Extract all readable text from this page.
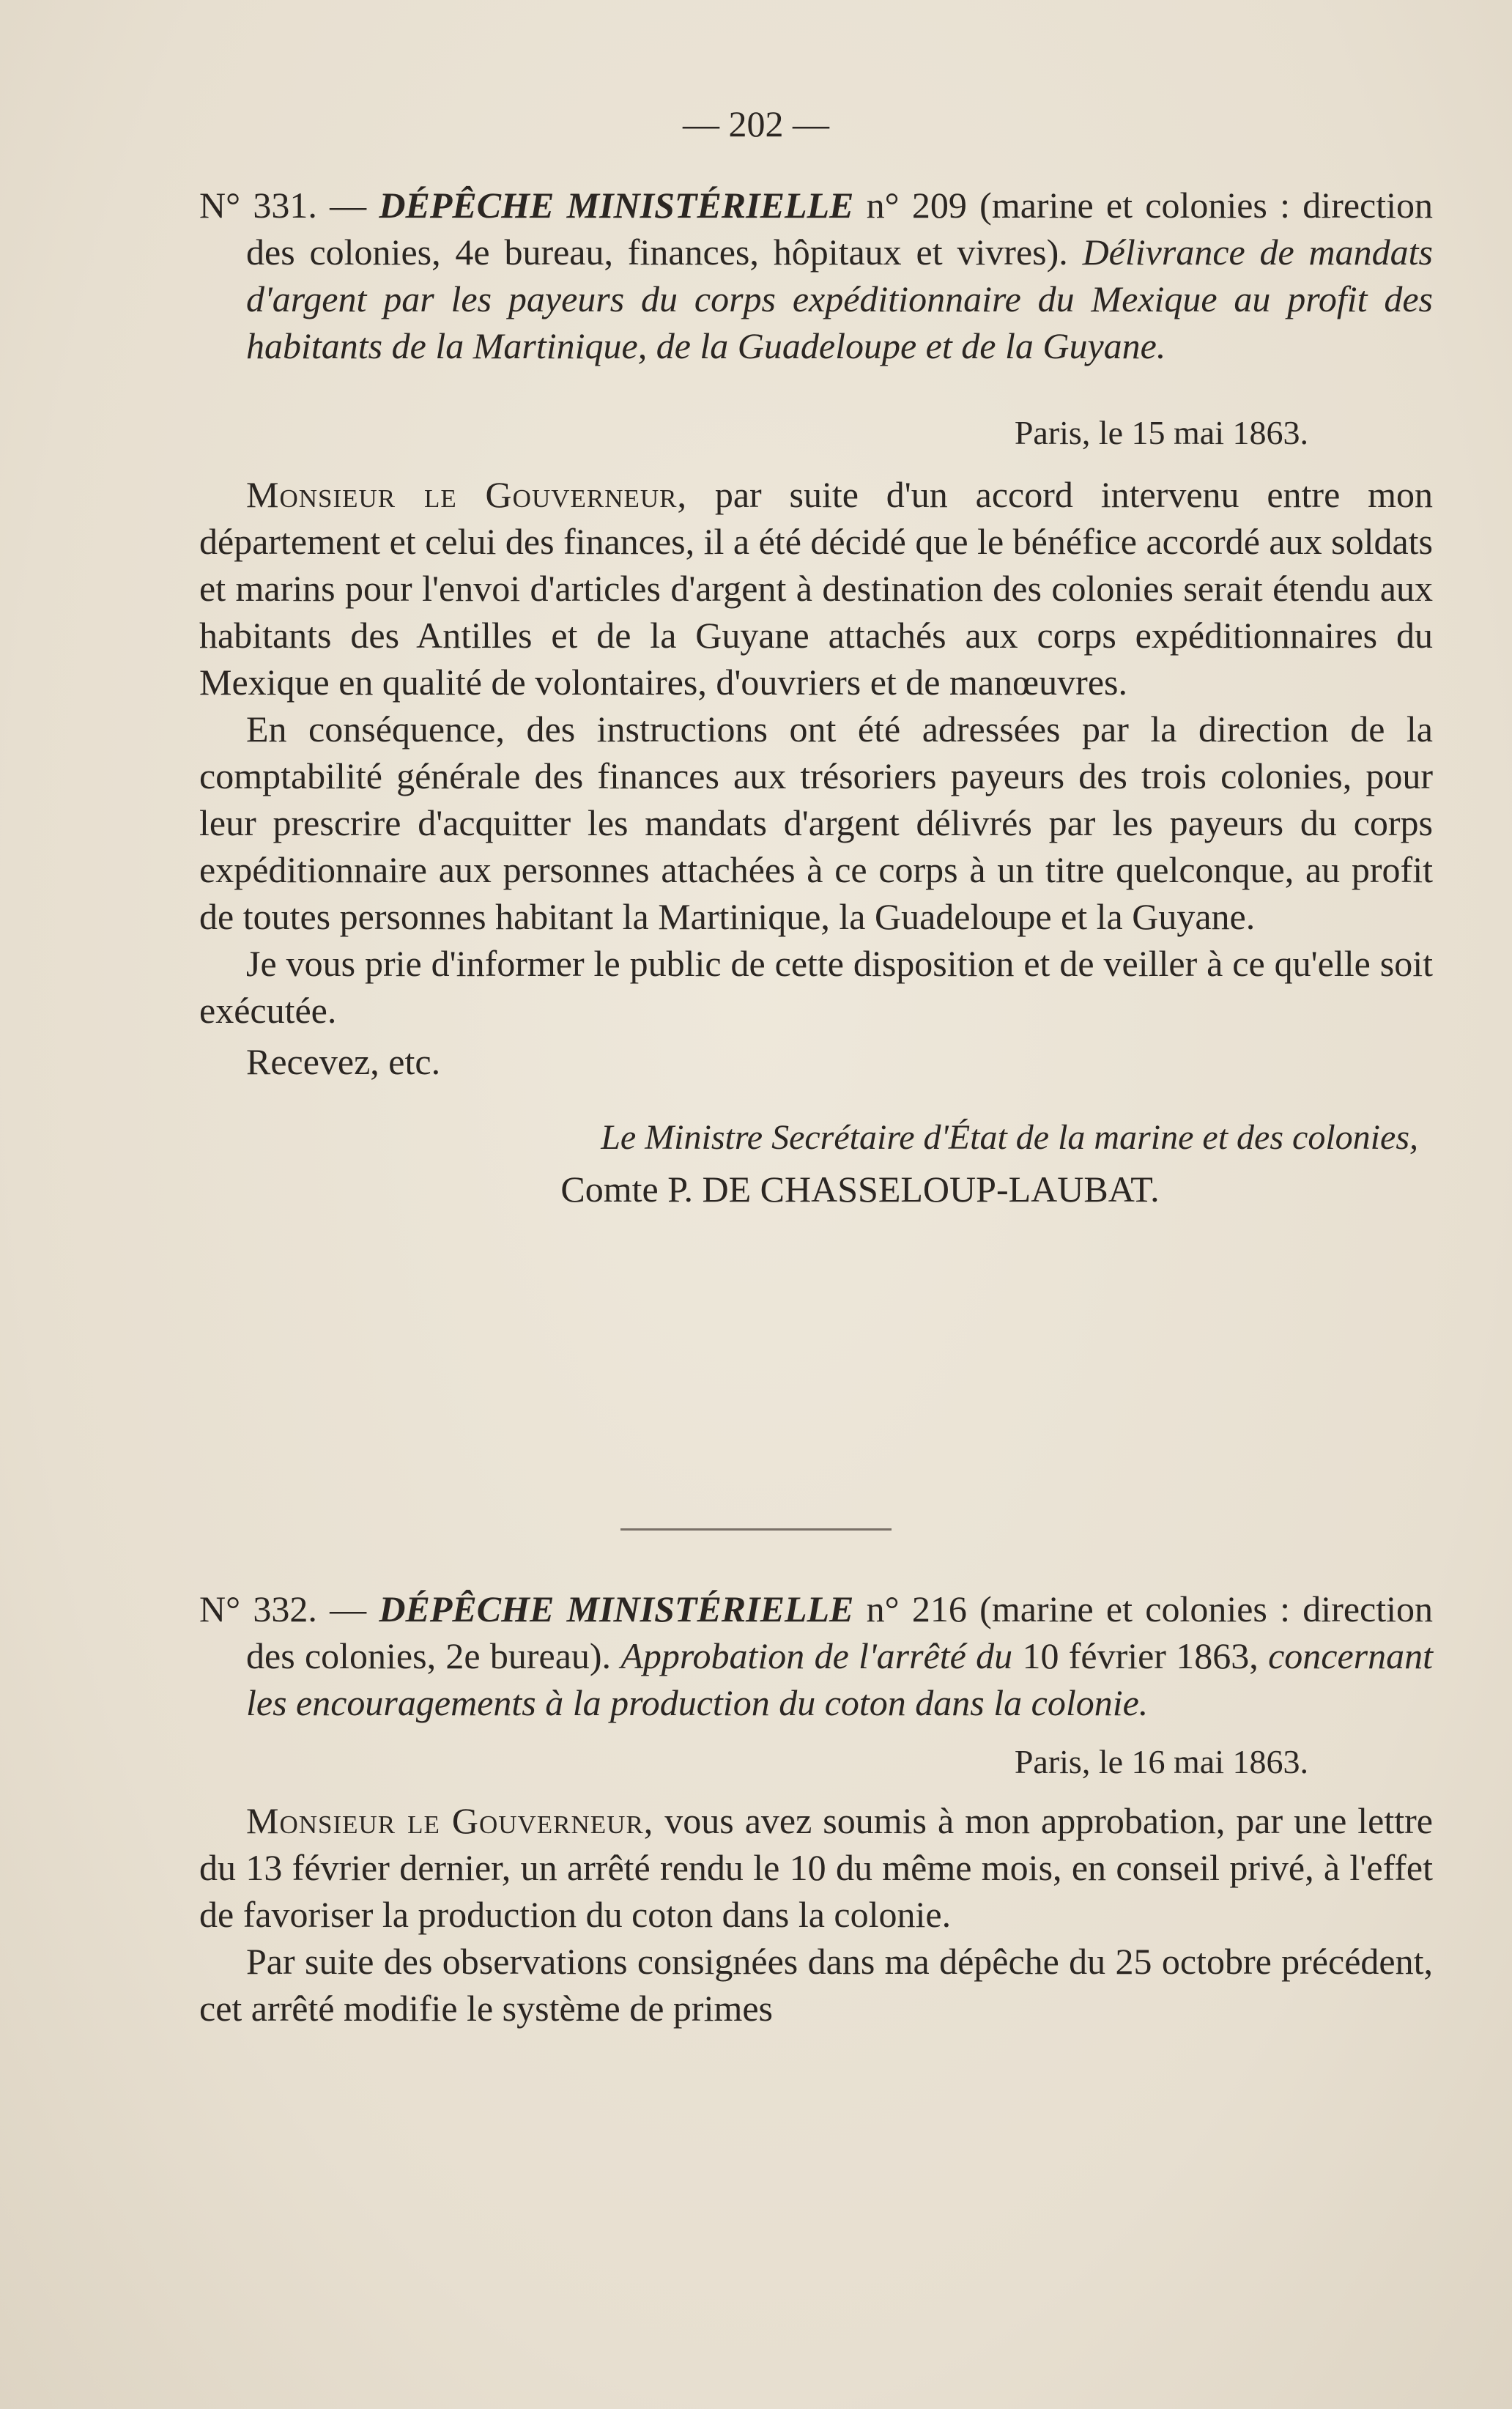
— 202 —

N° 331. — DÉPÊCHE MINISTÉRIELLE n° 209 (marine et colonies : direction des colonies, 4e bureau, finances, hôpitaux et vivres). Délivrance de mandats d'argent par les payeurs du corps expéditionnaire du Mexique au profit des habitants de la Martinique, de la Guadeloupe et de la Guyane.

Paris, le 15 mai 1863.

Monsieur le Gouverneur, par suite d'un accord intervenu entre mon département et celui des finances, il a été décidé que le bénéfice accordé aux soldats et marins pour l'envoi d'articles d'argent à destination des colonies serait étendu aux habitants des Antilles et de la Guyane attachés aux corps expéditionnaires du Mexique en qualité de volontaires, d'ouvriers et de manœuvres.

En conséquence, des instructions ont été adressées par la direction de la comptabilité générale des finances aux trésoriers payeurs des trois colonies, pour leur prescrire d'acquitter les mandats d'argent délivrés par les payeurs du corps expéditionnaire aux personnes attachées à ce corps à un titre quelconque, au profit de toutes personnes habitant la Martinique, la Guadeloupe et la Guyane.

Je vous prie d'informer le public de cette disposition et de veiller à ce qu'elle soit exécutée.

Recevez, etc.

Le Ministre Secrétaire d'État de la marine et des colonies,

Comte P. DE CHASSELOUP-LAUBAT.

N° 332. — DÉPÊCHE MINISTÉRIELLE n° 216 (marine et colonies : direction des colonies, 2e bureau). Approbation de l'arrêté du 10 février 1863, concernant les encouragements à la production du coton dans la colonie.

Paris, le 16 mai 1863.

Monsieur le Gouverneur, vous avez soumis à mon approbation, par une lettre du 13 février dernier, un arrêté rendu le 10 du même mois, en conseil privé, à l'effet de favoriser la production du coton dans la colonie.

Par suite des observations consignées dans ma dépêche du 25 octobre précédent, cet arrêté modifie le système de primes
